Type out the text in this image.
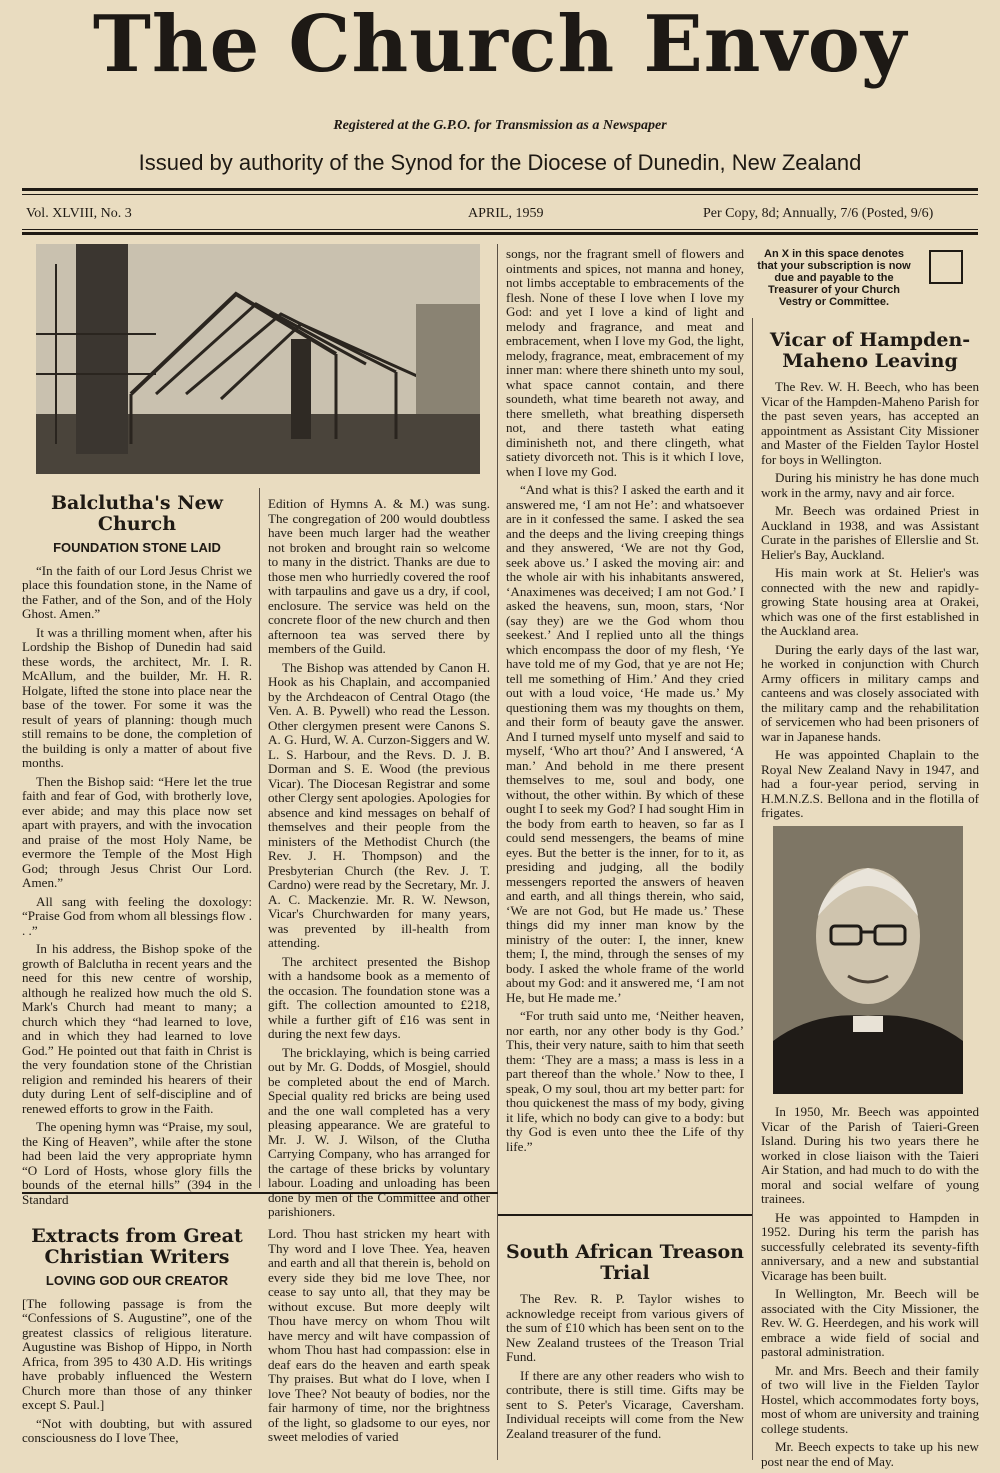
The Church Envoy
Registered at the G.P.O. for Transmission as a Newspaper
Issued by authority of the Synod for the Diocese of Dunedin, New Zealand
Vol. XLVIII, No. 3	APRIL, 1959	Per Copy, 8d; Annually, 7/6 (Posted, 9/6)
An X in this space denotes that your subscription is now due and payable to the Treasurer of your Church Vestry or Committee.
Balclutha's New Church
FOUNDATION STONE LAID

“In the faith of our Lord Jesus Christ we place this foundation stone, in the Name of the Father, and of the Son, and of the Holy Ghost. Amen.”

It was a thrilling moment when, after his Lordship the Bishop of Dunedin had said these words, the architect, Mr. I. R. McAllum, and the builder, Mr. H. R. Holgate, lifted the stone into place near the base of the tower. For some it was the result of years of planning: though much still remains to be done, the completion of the building is only a matter of about five months.

Then the Bishop said: “Here let the true faith and fear of God, with brotherly love, ever abide; and may this place now set apart with prayers, and with the invocation and praise of the most Holy Name, be evermore the Temple of the Most High God; through Jesus Christ Our Lord. Amen.”

All sang with feeling the doxology: “Praise God from whom all blessings flow . . .”

In his address, the Bishop spoke of the growth of Balclutha in recent years and the need for this new centre of worship, although he realized how much the old S. Mark's Church had meant to many; a church which they “had learned to love, and in which they had learned to love God.” He pointed out that faith in Christ is the very foundation stone of the Christian religion and reminded his hearers of their duty during Lent of self-discipline and of renewed efforts to grow in the Faith.

The opening hymn was “Praise, my soul, the King of Heaven”, while after the stone had been laid the very appropriate hymn “O Lord of Hosts, whose glory fills the bounds of the eternal hills” (394 in the Standard

Edition of Hymns A. & M.) was sung. The congregation of 200 would doubtless have been much larger had the weather not broken and brought rain so welcome to many in the district. Thanks are due to those men who hurriedly covered the roof with tarpaulins and gave us a dry, if cool, enclosure. The service was held on the concrete floor of the new church and then afternoon tea was served there by members of the Guild.

The Bishop was attended by Canon H. Hook as his Chaplain, and accompanied by the Archdeacon of Central Otago (the Ven. A. B. Pywell) who read the Lesson. Other clergymen present were Canons S. A. G. Hurd, W. A. Curzon-Siggers and W. L. S. Harbour, and the Revs. D. J. B. Dorman and S. E. Wood (the previous Vicar). The Diocesan Registrar and some other Clergy sent apologies. Apologies for absence and kind messages on behalf of themselves and their people from the ministers of the Methodist Church (the Rev. J. H. Thompson) and the Presbyterian Church (the Rev. J. T. Cardno) were read by the Secretary, Mr. J. A. C. Mackenzie. Mr. R. W. Newson, Vicar's Churchwarden for many years, was prevented by ill-health from attending.

The architect presented the Bishop with a handsome book as a memento of the occasion. The foundation stone was a gift. The collection amounted to £218, while a further gift of £16 was sent in during the next few days.

The bricklaying, which is being carried out by Mr. G. Dodds, of Mosgiel, should be completed about the end of March. Special quality red bricks are being used and the one wall completed has a very pleasing appearance. We are grateful to Mr. J. W. J. Wilson, of the Clutha Carrying Company, who has arranged for the cartage of these bricks by voluntary labour. Loading and unloading has been done by men of the Committee and other parishioners.

songs, nor the fragrant smell of flowers and ointments and spices, not manna and honey, not limbs acceptable to embracements of the flesh. None of these I love when I love my God: and yet I love a kind of light and melody and fragrance, and meat and embracement, when I love my God, the light, melody, fragrance, meat, embracement of my inner man: where there shineth unto my soul, what space cannot contain, and there soundeth, what time beareth not away, and there smelleth, what breathing disperseth not, and there tasteth what eating diminisheth not, and there clingeth, what satiety divorceth not. This is it which I love, when I love my God.

“And what is this? I asked the earth and it answered me, ‘I am not He’: and whatsoever are in it confessed the same. I asked the sea and the deeps and the living creeping things and they answered, ‘We are not thy God, seek above us.’ I asked the moving air: and the whole air with his inhabitants answered, ‘Anaximenes was deceived; I am not God.’ I asked the heavens, sun, moon, stars, ‘Nor (say they) are we the God whom thou seekest.’ And I replied unto all the things which encompass the door of my flesh, ‘Ye have told me of my God, that ye are not He; tell me something of Him.’ And they cried out with a loud voice, ‘He made us.’ My questioning them was my thoughts on them, and their form of beauty gave the answer. And I turned myself unto myself and said to myself, ‘Who art thou?’ And I answered, ‘A man.’ And behold in me there present themselves to me, soul and body, one without, the other within. By which of these ought I to seek my God? I had sought Him in the body from earth to heaven, so far as I could send messengers, the beams of mine eyes. But the better is the inner, for to it, as presiding and judging, all the bodily messengers reported the answers of heaven and earth, and all things therein, who said, ‘We are not God, but He made us.’ These things did my inner man know by the ministry of the outer: I, the inner, knew them; I, the mind, through the senses of my body. I asked the whole frame of the world about my God: and it answered me, ‘I am not He, but He made me.’

“For truth said unto me, ‘Neither heaven, nor earth, nor any other body is thy God.’ This, their very nature, saith to him that seeth them: ‘They are a mass; a mass is less in a part thereof than the whole.’ Now to thee, I speak, O my soul, thou art my better part: for thou quickenest the mass of my body, giving it life, which no body can give to a body: but thy God is even unto thee the Life of thy life.”

Extracts from Great Christian Writers
LOVING GOD OUR CREATOR

[The following passage is from the “Confessions of S. Augustine”, one of the greatest classics of religious literature. Augustine was Bishop of Hippo, in North Africa, from 395 to 430 A.D. His writings have probably influenced the Western Church more than those of any thinker except S. Paul.]

“Not with doubting, but with assured consciousness do I love Thee,

Lord. Thou hast stricken my heart with Thy word and I love Thee. Yea, heaven and earth and all that therein is, behold on every side they bid me love Thee, nor cease to say unto all, that they may be without excuse. But more deeply wilt Thou have mercy on whom Thou wilt have mercy and wilt have compassion of whom Thou hast had compassion: else in deaf ears do the heaven and earth speak Thy praises. But what do I love, when I love Thee? Not beauty of bodies, nor the fair harmony of time, nor the brightness of the light, so gladsome to our eyes, nor sweet melodies of varied

Vicar of Hampden-Maheno Leaving

The Rev. W. H. Beech, who has been Vicar of the Hampden-Maheno Parish for the past seven years, has accepted an appointment as Assistant City Missioner and Master of the Fielden Taylor Hostel for boys in Wellington.

During his ministry he has done much work in the army, navy and air force.

Mr. Beech was ordained Priest in Auckland in 1938, and was Assistant Curate in the parishes of Ellerslie and St. Helier's Bay, Auckland.

His main work at St. Helier's was connected with the new and rapidly-growing State housing area at Orakei, which was one of the first established in the Auckland area.

During the early days of the last war, he worked in conjunction with Church Army officers in military camps and canteens and was closely associated with the military camp and the rehabilitation of servicemen who had been prisoners of war in Japanese hands.

He was appointed Chaplain to the Royal New Zealand Navy in 1947, and had a four-year period, serving in H.M.N.Z.S. Bellona and in the flotilla of frigates.

In 1950, Mr. Beech was appointed Vicar of the Parish of Taieri-Green Island. During his two years there he worked in close liaison with the Taieri Air Station, and had much to do with the moral and social welfare of young trainees.

He was appointed to Hampden in 1952. During his term the parish has successfully celebrated its seventy-fifth anniversary, and a new and substantial Vicarage has been built.

In Wellington, Mr. Beech will be associated with the City Missioner, the Rev. W. G. Heerdegen, and his work will embrace a wide field of social and pastoral administration.

Mr. and Mrs. Beech and their family of two will live in the Fielden Taylor Hostel, which accommodates forty boys, most of whom are university and training college students.

Mr. Beech expects to take up his new post near the end of May.

South African Treason Trial

The Rev. R. P. Taylor wishes to acknowledge receipt from various givers of the sum of £10 which has been sent on to the New Zealand trustees of the Treason Trial Fund.

If there are any other readers who wish to contribute, there is still time. Gifts may be sent to S. Peter's Vicarage, Caversham. Individual receipts will come from the New Zealand treasurer of the fund.
